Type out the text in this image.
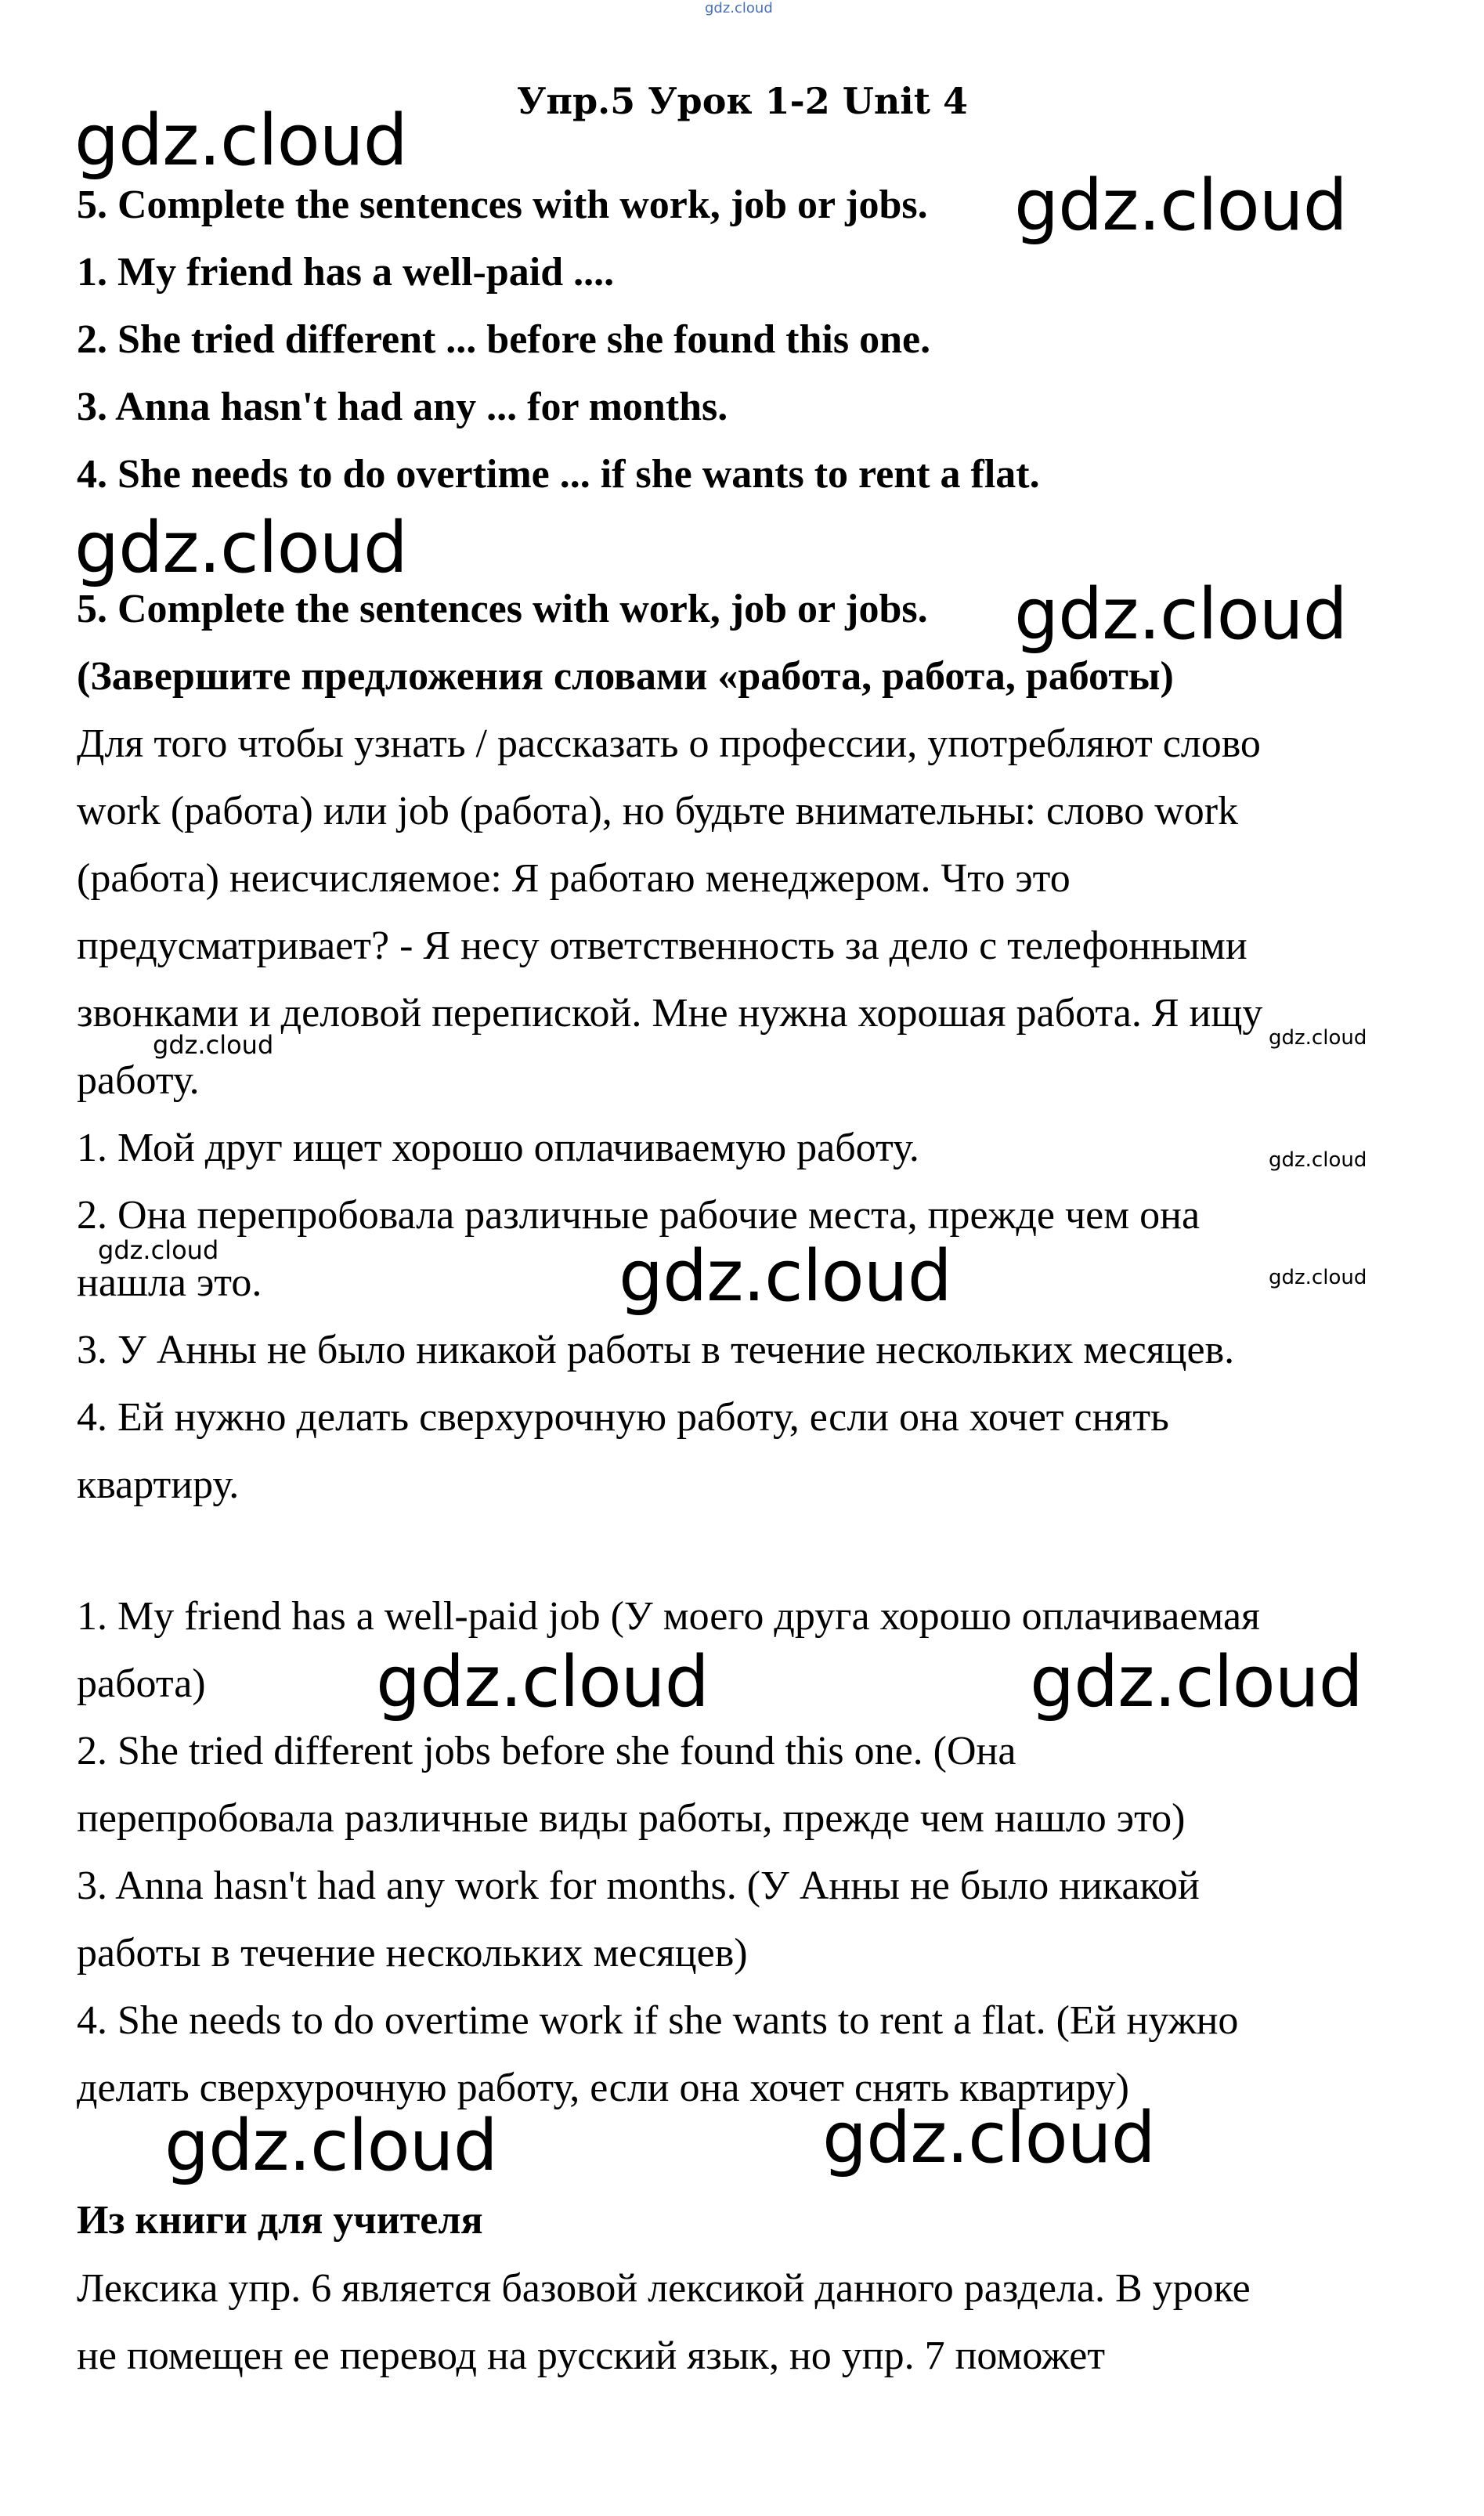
gdz.cloud
Упр.5 Урок 1-2 Unit 4
gdz.cloud
gdz.cloud
gdz.cloud
gdz.cloud
gdz.cloud
gdz.cloud	gdz.cloud
gdz.cloud	gdz.cloud
gdz.cloud
gdz.cloud
gdz.cloud
gdz.cloud
gdz.cloud
5. Complete the sentences with work, job or jobs.
1. My friend has a well-paid ....
2. She tried different ... before she found this one.
3. Anna hasn't had any ... for months.
4. She needs to do overtime ... if she wants to rent a flat.
5. Complete the sentences with work, job or jobs.
(Завершите предложения словами «работа, работа, работы)
Для того чтобы узнать / рассказать о профессии, употребляют слово
work (работа) или job (работа), но будьте внимательны: слово work
(работа) неисчисляемое: Я работаю менеджером. Что это
предусматривает? - Я несу ответственность за дело с телефонными
звонками и деловой перепиской. Мне нужна хорошая работа. Я ищу
работу.
1. Мой друг ищет хорошо оплачиваемую работу.
2. Она перепробовала различные рабочие места, прежде чем она
нашла это.
3. У Анны не было никакой работы в течение нескольких месяцев.
4. Ей нужно делать сверхурочную работу, если она хочет снять
квартиру.
1. My friend has a well-paid job (У моего друга хорошо оплачиваемая
работа)
2. She tried different jobs before she found this one. (Она
перепробовала различные виды работы, прежде чем нашло это)
3. Anna hasn't had any work for months. (У Анны не было никакой
работы в течение нескольких месяцев)
4. She needs to do overtime work if she wants to rent a flat. (Ей нужно
делать сверхурочную работу, если она хочет снять квартиру)
Из книги для учителя
Лексика упр. 6 является базовой лексикой данного раздела. В уроке
не помещен ее перевод на русский язык, но упр. 7 поможет
